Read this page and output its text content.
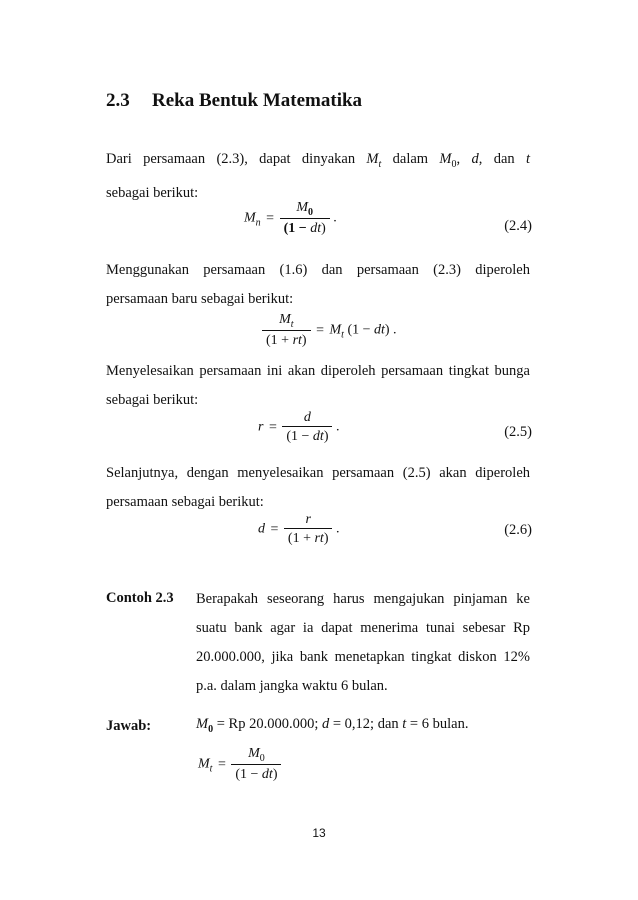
2.3 Reka Bentuk Matematika
Dari persamaan (2.3), dapat dinyakan $M_t$ dalam $M_0$, d, dan t
sebagai berikut:
$M_n = \frac{M_0}{(1 - dt)}$ .	(2.4)
Menggunakan persamaan (1.6) dan persamaan (2.3) diperoleh
persamaan baru sebagai berikut:
$\frac{M_t}{(1 + rt)} = M_t$ (1 − dt) .
Menyelesaikan persamaan ini akan diperoleh persamaan tingkat bunga
sebagai berikut:
$r = \frac{d}{(1 - dt)}$ .	(2.5)
Selanjutnya, dengan menyelesaikan persamaan (2.5) akan diperoleh
persamaan sebagai berikut:
$d = \frac{r}{(1 + rt)}$ .	(2.6)
Contoh 2.3 Berapakah seseorang harus mengajukan pinjaman ke suatu bank agar ia dapat menerima tunai sebesar Rp 20.000.000, jika bank menetapkan tingkat diskon 12% p.a. dalam jangka waktu 6 bulan.
Jawab:	$M_0 = Rp$ 20.000.000; d = 0,12; dan t = 6 bulan.
$M_t = \frac{M_0}{(1 - dt)}$
13
